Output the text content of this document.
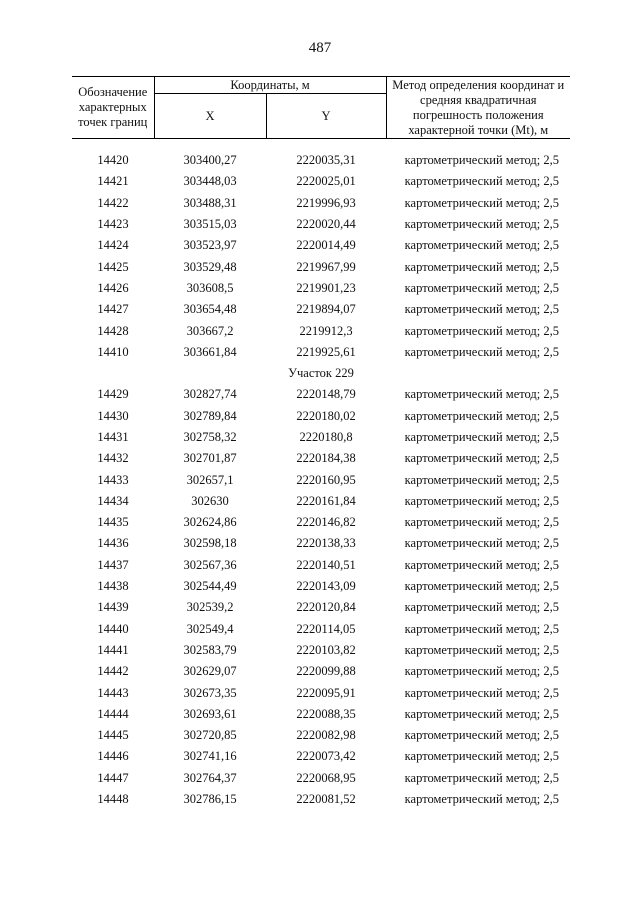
487
Обозначение характерных точек границ	Координаты, м		Метод определения координат и средняя квадратичная погрешность положения характерной точки (Mt), м
	X	Y	

14420	303400,27	2220035,31	картометрический метод; 2,5
14421	303448,03	2220025,01	картометрический метод; 2,5
14422	303488,31	2219996,93	картометрический метод; 2,5
14423	303515,03	2220020,44	картометрический метод; 2,5
14424	303523,97	2220014,49	картометрический метод; 2,5
14425	303529,48	2219967,99	картометрический метод; 2,5
14426	303608,5	2219901,23	картометрический метод; 2,5
14427	303654,48	2219894,07	картометрический метод; 2,5
14428	303667,2	2219912,3	картометрический метод; 2,5
14410	303661,84	2219925,61	картометрический метод; 2,5
Участок 229			
14429	302827,74	2220148,79	картометрический метод; 2,5
14430	302789,84	2220180,02	картометрический метод; 2,5
14431	302758,32	2220180,8	картометрический метод; 2,5
14432	302701,87	2220184,38	картометрический метод; 2,5
14433	302657,1	2220160,95	картометрический метод; 2,5
14434	302630	2220161,84	картометрический метод; 2,5
14435	302624,86	2220146,82	картометрический метод; 2,5
14436	302598,18	2220138,33	картометрический метод; 2,5
14437	302567,36	2220140,51	картометрический метод; 2,5
14438	302544,49	2220143,09	картометрический метод; 2,5
14439	302539,2	2220120,84	картометрический метод; 2,5
14440	302549,4	2220114,05	картометрический метод; 2,5
14441	302583,79	2220103,82	картометрический метод; 2,5
14442	302629,07	2220099,88	картометрический метод; 2,5
14443	302673,35	2220095,91	картометрический метод; 2,5
14444	302693,61	2220088,35	картометрический метод; 2,5
14445	302720,85	2220082,98	картометрический метод; 2,5
14446	302741,16	2220073,42	картометрический метод; 2,5
14447	302764,37	2220068,95	картометрический метод; 2,5
14448	302786,15	2220081,52	картометрический метод; 2,5
